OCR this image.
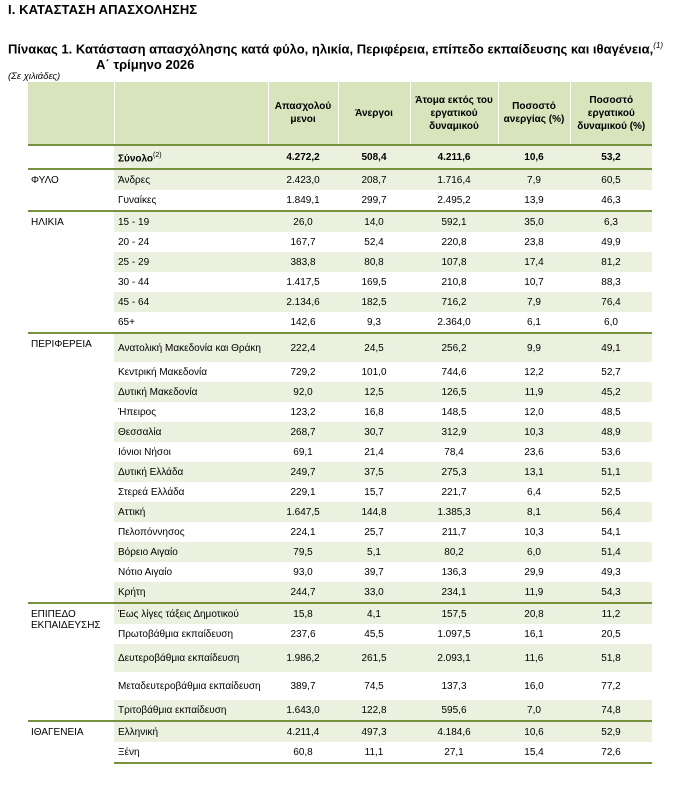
Ι. ΚΑΤΑΣΤΑΣΗ ΑΠΑΣΧΟΛΗΣΗΣ
Πίνακας 1. Κατάσταση απασχόλησης κατά φύλο, ηλικία, Περιφέρεια, επίπεδο εκπαίδευσης και ιθαγένεια,$^{(1)}$
Α΄ τρίμηνο 2026
(Σε χιλιάδες)
		Απασχολού μενοι	Άνεργοι	Άτομα εκτός του εργατικού δυναμικού	Ποσοστό ανεργίας (%)	Ποσοστό εργατικού δυναμικού (%)
	Σύνολο$^{(2)}$	4.272,2	508,4	4.211,6	10,6	53,2
ΦΥΛΟ	Άνδρες	2.423,0	208,7	1.716,4	7,9	60,5
	Γυναίκες	1.849,1	299,7	2.495,2	13,9	46,3
ΗΛΙΚΙΑ	15 - 19	26,0	14,0	592,1	35,0	6,3
	20 - 24	167,7	52,4	220,8	23,8	49,9
	25 - 29	383,8	80,8	107,8	17,4	81,2
	30 - 44	1.417,5	169,5	210,8	10,7	88,3
	45 - 64	2.134,6	182,5	716,2	7,9	76,4
	65+	142,6	9,3	2.364,0	6,1	6,0
ΠΕΡΙΦΕΡΕΙΑ	Ανατολική Μακεδονία και Θράκη	222,4	24,5	256,2	9,9	49,1
	Κεντρική Μακεδονία	729,2	101,0	744,6	12,2	52,7
	Δυτική Μακεδονία	92,0	12,5	126,5	11,9	45,2
	Ήπειρος	123,2	16,8	148,5	12,0	48,5
	Θεσσαλία	268,7	30,7	312,9	10,3	48,9
	Ιόνιοι Νήσοι	69,1	21,4	78,4	23,6	53,6
	Δυτική Ελλάδα	249,7	37,5	275,3	13,1	51,1
	Στερεά Ελλάδα	229,1	15,7	221,7	6,4	52,5
	Αττική	1.647,5	144,8	1.385,3	8,1	56,4
	Πελοπόννησος	224,1	25,7	211,7	10,3	54,1
	Βόρειο Αιγαίο	79,5	5,1	80,2	6,0	51,4
	Νότιο Αιγαίο	93,0	39,7	136,3	29,9	49,3
	Κρήτη	244,7	33,0	234,1	11,9	54,3
ΕΠΙΠΕΔΟ ΕΚΠΑΙΔΕΥΣΗΣ	Έως λίγες τάξεις Δημοτικού	15,8	4,1	157,5	20,8	11,2
	Πρωτοβάθμια εκπαίδευση	237,6	45,5	1.097,5	16,1	20,5
	Δευτεροβάθμια εκπαίδευση	1.986,2	261,5	2.093,1	11,6	51,8
	Μεταδευτεροβάθμια εκπαίδευση	389,7	74,5	137,3	16,0	77,2
	Τριτοβάθμια εκπαίδευση	1.643,0	122,8	595,6	7,0	74,8
ΙΘΑΓΕΝΕΙΑ	Ελληνική	4.211,4	497,3	4.184,6	10,6	52,9
	Ξένη	60,8	11,1	27,1	15,4	72,6
